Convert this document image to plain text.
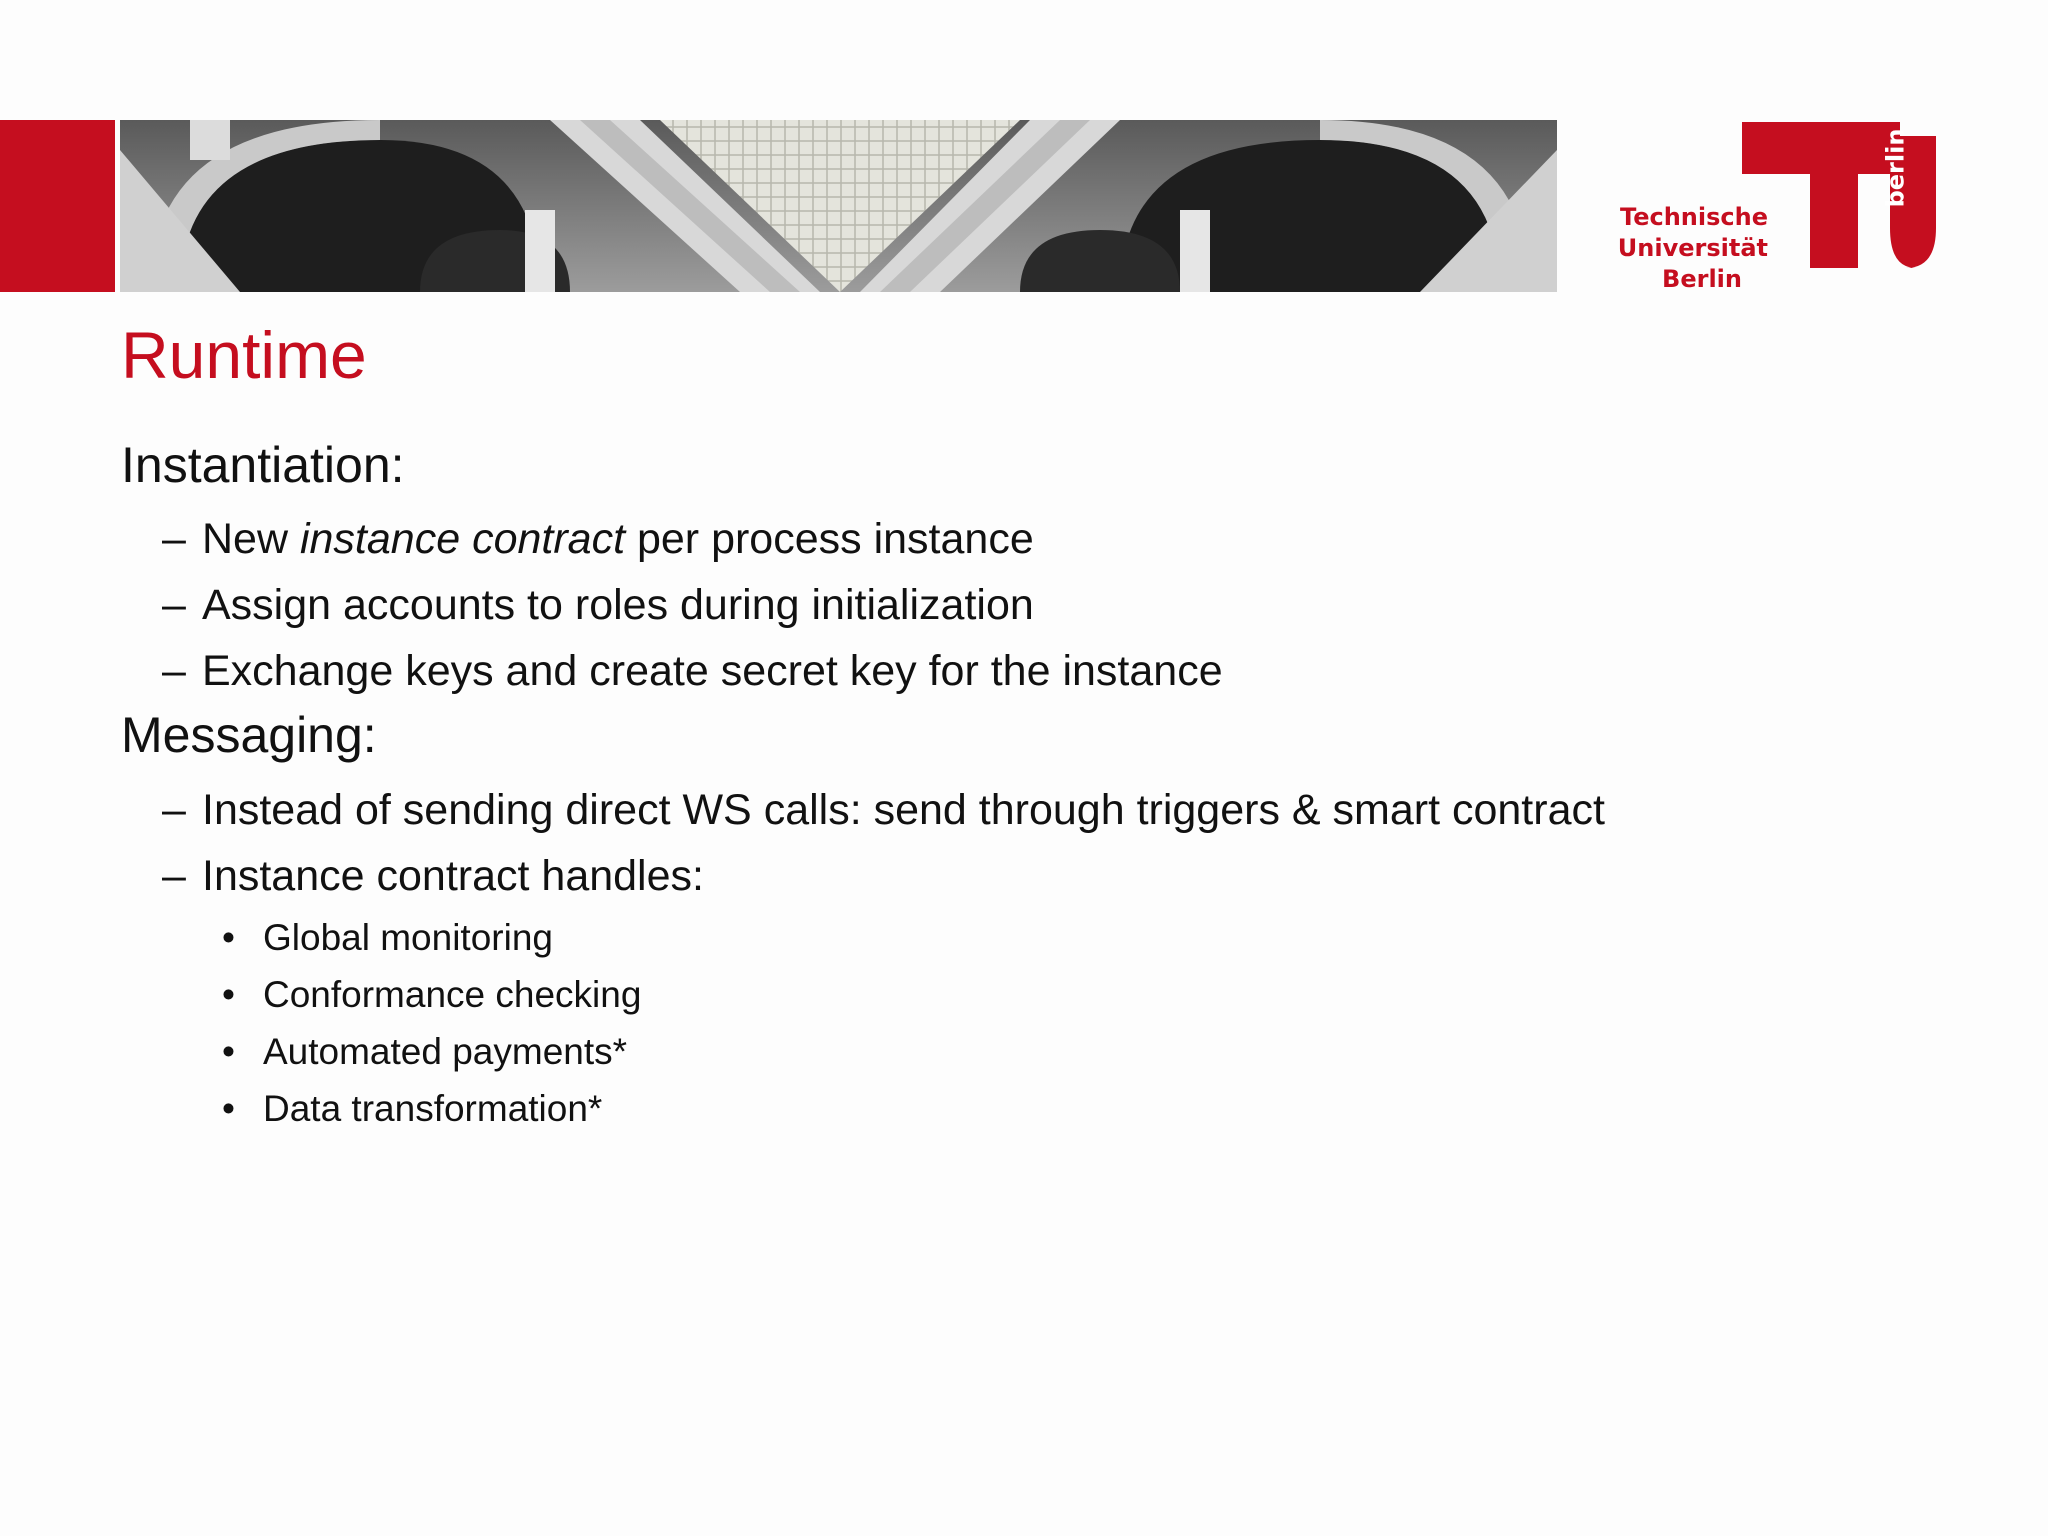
berlin
Technische
Universität
Berlin
Runtime
Instantiation:
– New instance contract per process instance
– Assign accounts to roles during initialization
– Exchange keys and create secret key for the instance
Messaging:
– Instead of sending direct WS calls: send through triggers & smart contract
– Instance contract handles:
• Global monitoring
• Conformance checking
• Automated payments*
• Data transformation*
